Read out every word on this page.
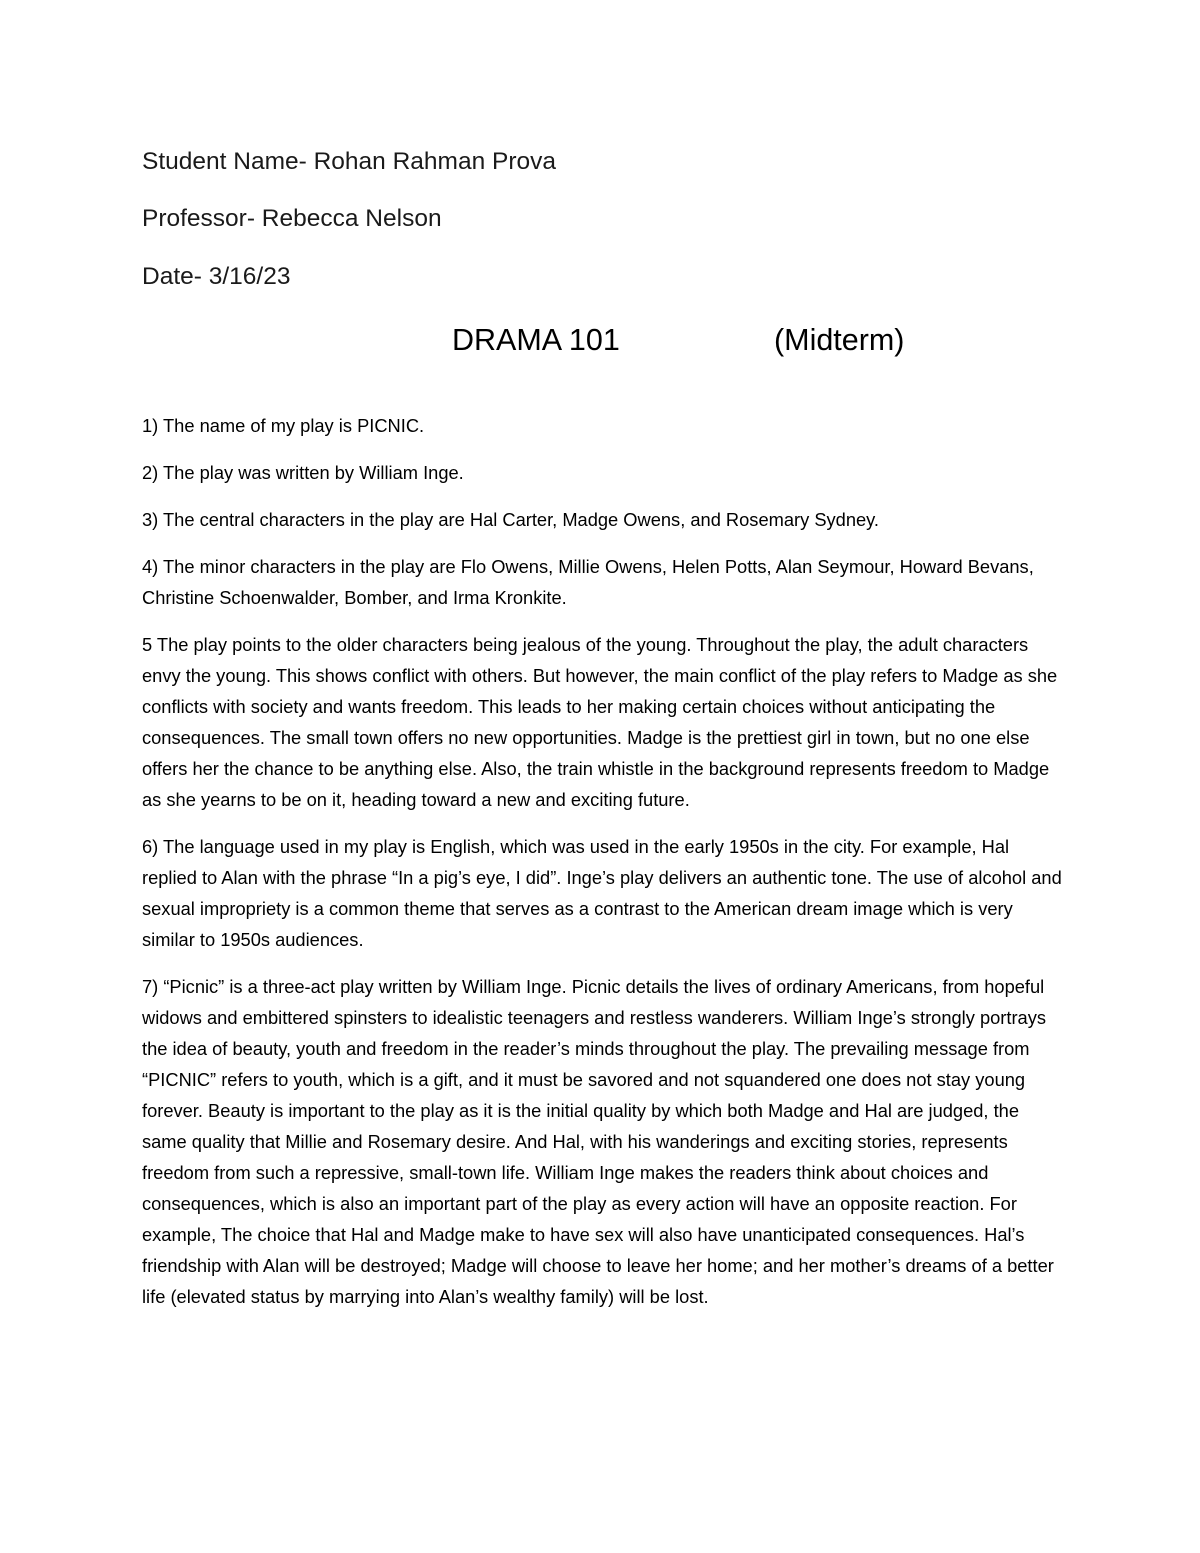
Student Name- Rohan Rahman Prova
Professor- Rebecca Nelson
Date- 3/16/23
DRAMA 101	(Midterm)

1) The name of my play is PICNIC.

2) The play was written by William Inge.

3) The central characters in the play are Hal Carter, Madge Owens, and Rosemary Sydney.

4) The minor characters in the play are Flo Owens, Millie Owens, Helen Potts, Alan Seymour, Howard Bevans, Christine Schoenwalder, Bomber, and Irma Kronkite.

5 The play points to the older characters being jealous of the young. Throughout the play, the adult characters envy the young. This shows conflict with others. But however, the main conflict of the play refers to Madge as she conflicts with society and wants freedom. This leads to her making certain choices without anticipating the consequences. The small town offers no new opportunities. Madge is the prettiest girl in town, but no one else offers her the chance to be anything else. Also, the train whistle in the background represents freedom to Madge as she yearns to be on it, heading toward a new and exciting future.

6) The language used in my play is English, which was used in the early 1950s in the city. For example, Hal replied to Alan with the phrase “In a pig’s eye, I did”. Inge’s play delivers an authentic tone. The use of alcohol and sexual impropriety is a common theme that serves as a contrast to the American dream image which is very similar to 1950s audiences.

7) “Picnic” is a three-act play written by William Inge. Picnic details the lives of ordinary Americans, from hopeful widows and embittered spinsters to idealistic teenagers and restless wanderers. William Inge’s strongly portrays the idea of beauty, youth and freedom in the reader’s minds throughout the play. The prevailing message from “PICNIC” refers to youth, which is a gift, and it must be savored and not squandered one does not stay young forever. Beauty is important to the play as it is the initial quality by which both Madge and Hal are judged, the same quality that Millie and Rosemary desire. And Hal, with his wanderings and exciting stories, represents freedom from such a repressive, small-town life. William Inge makes the readers think about choices and consequences, which is also an important part of the play as every action will have an opposite reaction. For example, The choice that Hal and Madge make to have sex will also have unanticipated consequences. Hal’s friendship with Alan will be destroyed; Madge will choose to leave her home; and her mother’s dreams of a better life (elevated status by marrying into Alan’s wealthy family) will be lost.
